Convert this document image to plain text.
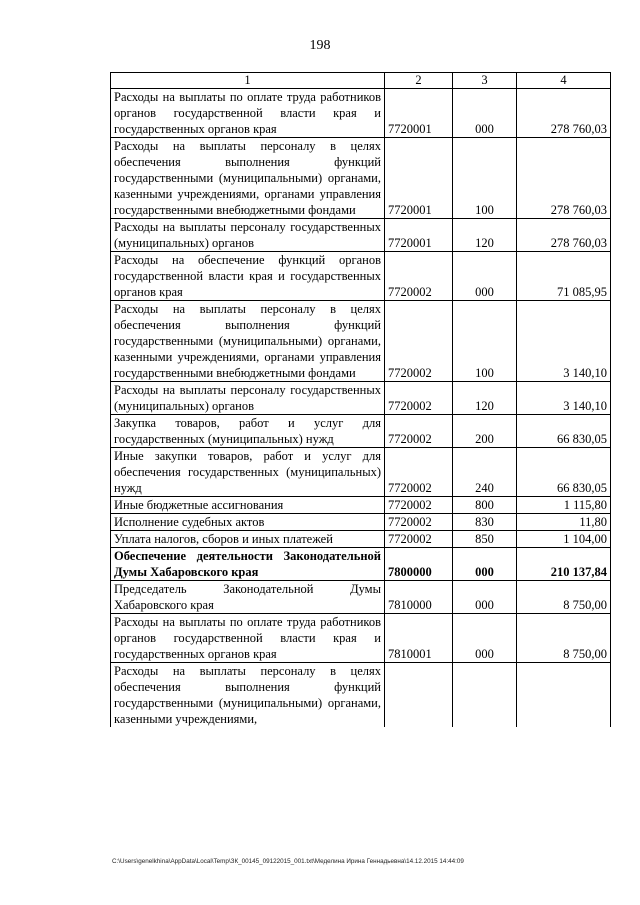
198
1	2	3	4
Расходы на выплаты по оплате труда работников органов государственной власти края и государственных органов края	7720001	000	278 760,03
Расходы на выплаты персоналу в целях обеспечения выполнения функций государственными (муниципальными) органами, казенными учреждениями, органами управления государственными внебюджетными фондами	7720001	100	278 760,03
Расходы на выплаты персоналу государственных (муниципальных) органов	7720001	120	278 760,03
Расходы на обеспечение функций органов государственной власти края и государственных органов края	7720002	000	71 085,95
Расходы на выплаты персоналу в целях обеспечения выполнения функций государственными (муниципальными) органами, казенными учреждениями, органами управления государственными внебюджетными фондами	7720002	100	3 140,10
Расходы на выплаты персоналу государственных (муниципальных) органов	7720002	120	3 140,10
Закупка товаров, работ и услуг для государственных (муниципальных) нужд	7720002	200	66 830,05
Иные закупки товаров, работ и услуг для обеспечения государственных (муниципальных) нужд	7720002	240	66 830,05
Иные бюджетные ассигнования	7720002	800	1 115,80
Исполнение судебных актов	7720002	830	11,80
Уплата налогов, сборов и иных платежей	7720002	850	1 104,00
Обеспечение деятельности Законодательной Думы Хабаровского края	7800000	000	210 137,84
Председатель Законодательной Думы Хабаровского края	7810000	000	8 750,00
Расходы на выплаты по оплате труда работников органов государственной власти края и государственных органов края	7810001	000	8 750,00
Расходы на выплаты персоналу в целях обеспечения выполнения функций государственными (муниципальными) органами, казенными учреждениями,			
C:\Users\genelkhina\AppData\Local\Temp\ЗК_00145_09122015_001.txt\Меделина Ирина Геннадьевна\14.12.2015 14:44:09
